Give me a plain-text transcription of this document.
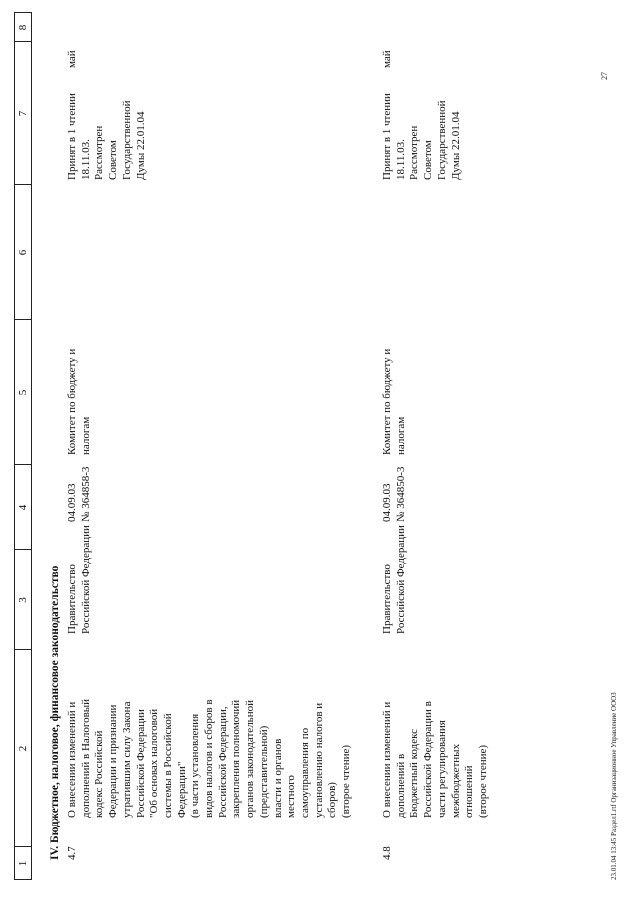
1
2
3
4
5
6
7
8
IV. Бюджетное, налоговое, финансовое законодательство 4.7
О внесении изменений и
дополнений в Налоговый
кодекс Российской
Федерации и признании
утратившим силу Закона
Российской Федерации
"Об основах налоговой
системы в Российской
Федерации"
(в части установления
видов налогов и сборов в
Российской Федерации,
закрепления полномочий
органов законодательной
(представительной)
власти и органов
местного
самоуправления по
установлению налогов и
сборов)
(второе чтение)
Правительство
Российской Федерации
04.09.03
№ 364858-3
Комитет по бюджету и
налогам
Принят в 1 чтении
18.11.03.
Рассмотрен
Советом
Государственной
Думы 22.01.04
май
4.8
О внесении изменений и
дополнений в
Бюджетный кодекс
Российской Федерации в
части регулирования
межбюджетных
отношений
(второе чтение)
Правительство
Российской Федерации
04.09.03
№ 364850-3
Комитет по бюджету и
налогам
Принят в 1 чтении
18.11.03.
Рассмотрен
Советом
Государственной
Думы 22.01.04
май
23.01.04 13:45 Раздел1.rtf Организационное Управление ОООЗ
27
